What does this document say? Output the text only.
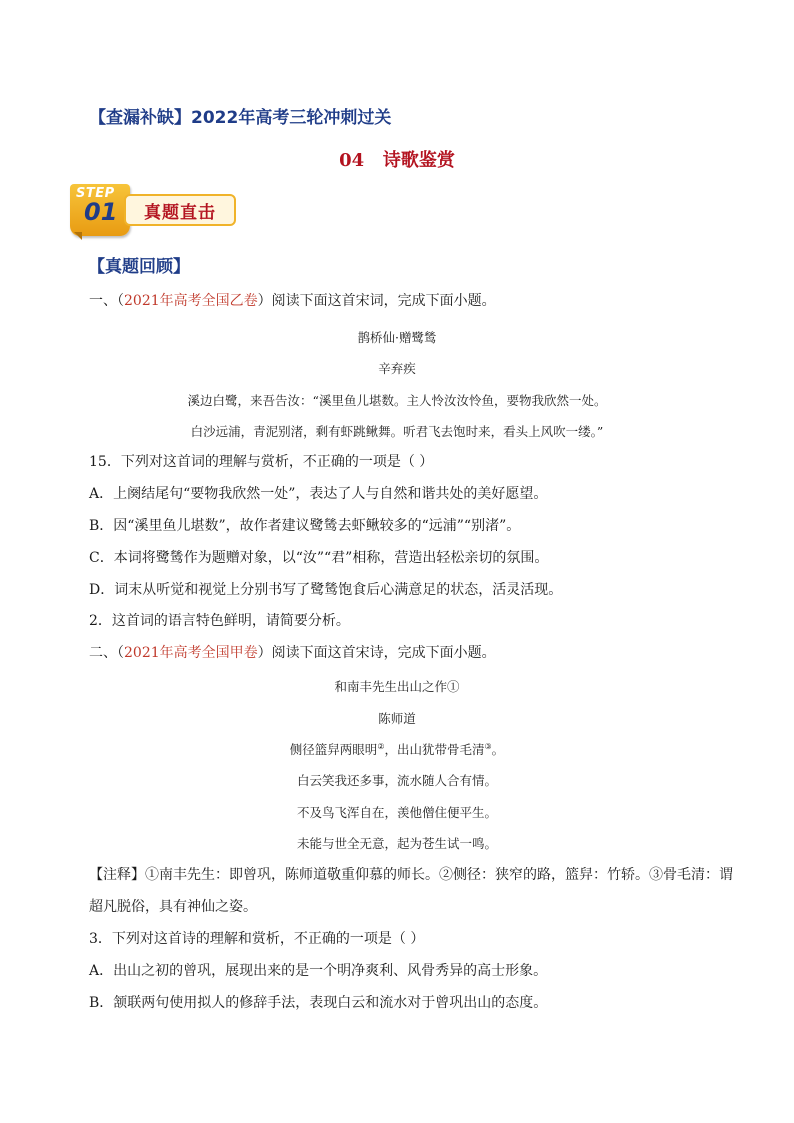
【查漏补缺】2022年高考三轮冲刺过关
04   诗歌鉴赏
STEP
01 真题直击
【真题回顾】
一、（2021年高考全国乙卷）阅读下面这首宋词，完成下面小题。
鹊桥仙·赠鹭鸶
辛弃疾
溪边白鹭，来吾告汝：“溪里鱼儿堪数。主人怜汝汝怜鱼，要物我欣然一处。
白沙远浦，青泥别渚，剩有虾跳鳅舞。听君飞去饱时来，看头上风吹一缕。”
15．下列对这首词的理解与赏析，不正确的一项是（ ）
A．上阕结尾句“要物我欣然一处”，表达了人与自然和谐共处的美好愿望。
B．因“溪里鱼儿堪数”，故作者建议鹭鸶去虾鳅较多的“远浦”“别渚”。
C．本词将鹭鸶作为题赠对象，以“汝”“君”相称，营造出轻松亲切的氛围。
D．词末从听觉和视觉上分别书写了鹭鸶饱食后心满意足的状态，活灵活现。
2．这首词的语言特色鲜明，请简要分析。
二、（2021年高考全国甲卷）阅读下面这首宋诗，完成下面小题。
和南丰先生出山之作①
陈师道
侧径篮舁两眼明②，出山犹带骨毛清③。
白云笑我还多事，流水随人合有情。
不及鸟飞浑自在，羡他僧住便平生。
未能与世全无意，起为苍生试一鸣。
【注释】①南丰先生：即曾巩，陈师道敬重仰慕的师长。②侧径：狭窄的路，篮舁：竹轿。③骨毛清：谓
超凡脱俗，具有神仙之姿。
3．下列对这首诗的理解和赏析，不正确的一项是（ ）
A．出山之初的曾巩，展现出来的是一个明净爽利、风骨秀异的高士形象。
B．颔联两句使用拟人的修辞手法，表现白云和流水对于曾巩出山的态度。
